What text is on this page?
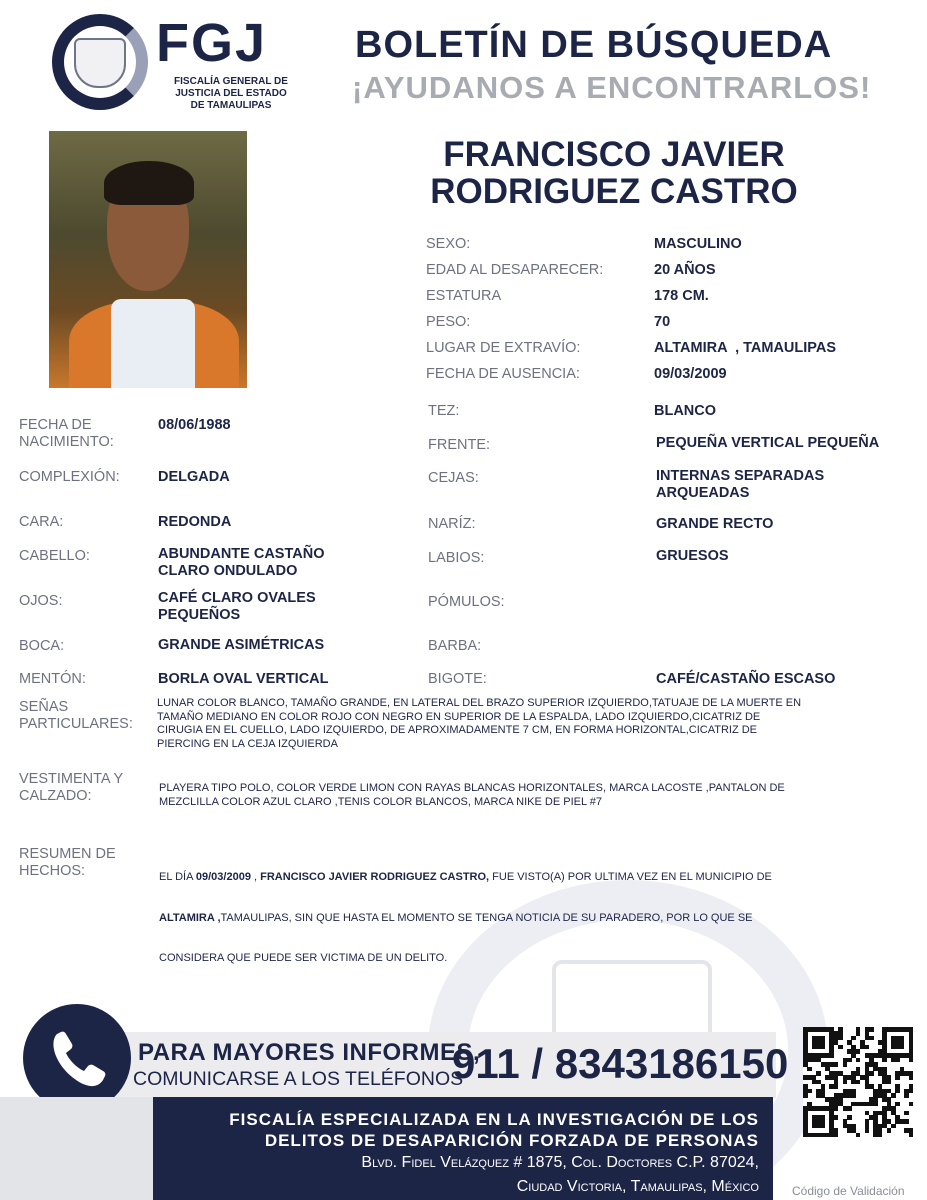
FGJ
FISCALÍA GENERAL DE
JUSTICIA DEL ESTADO
DE TAMAULIPAS
BOLETÍN DE BÚSQUEDA
¡AYUDANOS A ENCONTRARLOS!
FRANCISCO JAVIER
RODRIGUEZ CASTRO
SEXO:	MASCULINO
EDAD AL DESAPARECER:	20 AÑOS
ESTATURA	178 CM.
PESO:	70
LUGAR DE EXTRAVÍO:	ALTAMIRA  , TAMAULIPAS
FECHA DE AUSENCIA:	09/03/2009
TEZ:	BLANCO
FRENTE:	PEQUEÑA VERTICAL PEQUEÑA
CEJAS:	INTERNAS SEPARADAS
ARQUEADAS
NARÍZ:	GRANDE RECTO
LABIOS:	GRUESOS
PÓMULOS:
BARBA:
BIGOTE:	CAFÉ/CASTAÑO ESCASO
FECHA DE
NACIMIENTO:
08/06/1988
COMPLEXIÓN:	DELGADA
CARA:	REDONDA
CABELLO:	ABUNDANTE CASTAÑO
CLARO ONDULADO
OJOS:	CAFÉ CLARO OVALES
PEQUEÑOS
BOCA:	GRANDE ASIMÉTRICAS
MENTÓN:	BORLA OVAL VERTICAL
SEÑAS
PARTICULARES:
LUNAR COLOR BLANCO, TAMAÑO GRANDE, EN LATERAL DEL BRAZO SUPERIOR IZQUIERDO,TATUAJE DE LA MUERTE EN
TAMAÑO MEDIANO EN COLOR ROJO CON NEGRO EN SUPERIOR DE LA ESPALDA, LADO IZQUIERDO,CICATRIZ DE
CIRUGIA EN EL CUELLO, LADO IZQUIERDO, DE APROXIMADAMENTE 7 CM, EN FORMA HORIZONTAL,CICATRIZ DE
PIERCING EN LA CEJA IZQUIERDA
VESTIMENTA Y
CALZADO:	PLAYERA TIPO POLO, COLOR VERDE LIMON CON RAYAS BLANCAS HORIZONTALES, MARCA LACOSTE ,PANTALON DE
MEZCLILLA COLOR AZUL CLARO ,TENIS COLOR BLANCOS, MARCA NIKE DE PIEL #7
RESUMEN DE
HECHOS:

	EL DÍA 09/03/2009 , FRANCISCO JAVIER RODRIGUEZ CASTRO, FUE VISTO(A) POR ULTIMA VEZ EN EL MUNICIPIO DE

ALTAMIRA ,TAMAULIPAS, SIN QUE HASTA EL MOMENTO SE TENGA NOTICIA DE SU PARADERO, POR LO QUE SE

CONSIDERA QUE PUEDE SER VICTIMA DE UN DELITO.

PARA MAYORES INFORMES,
COMUNICARSE A LOS TELÉFONOS
911 / 8343186150
FISCALÍA ESPECIALIZADA EN LA INVESTIGACIÓN DE LOS
DELITOS DE DESAPARICIÓN FORZADA DE PERSONAS
Blvd. Fidel Velázquez # 1875, Col. Doctores C.P. 87024,
Ciudad Victoria, Tamaulipas, México	Código de Validación
